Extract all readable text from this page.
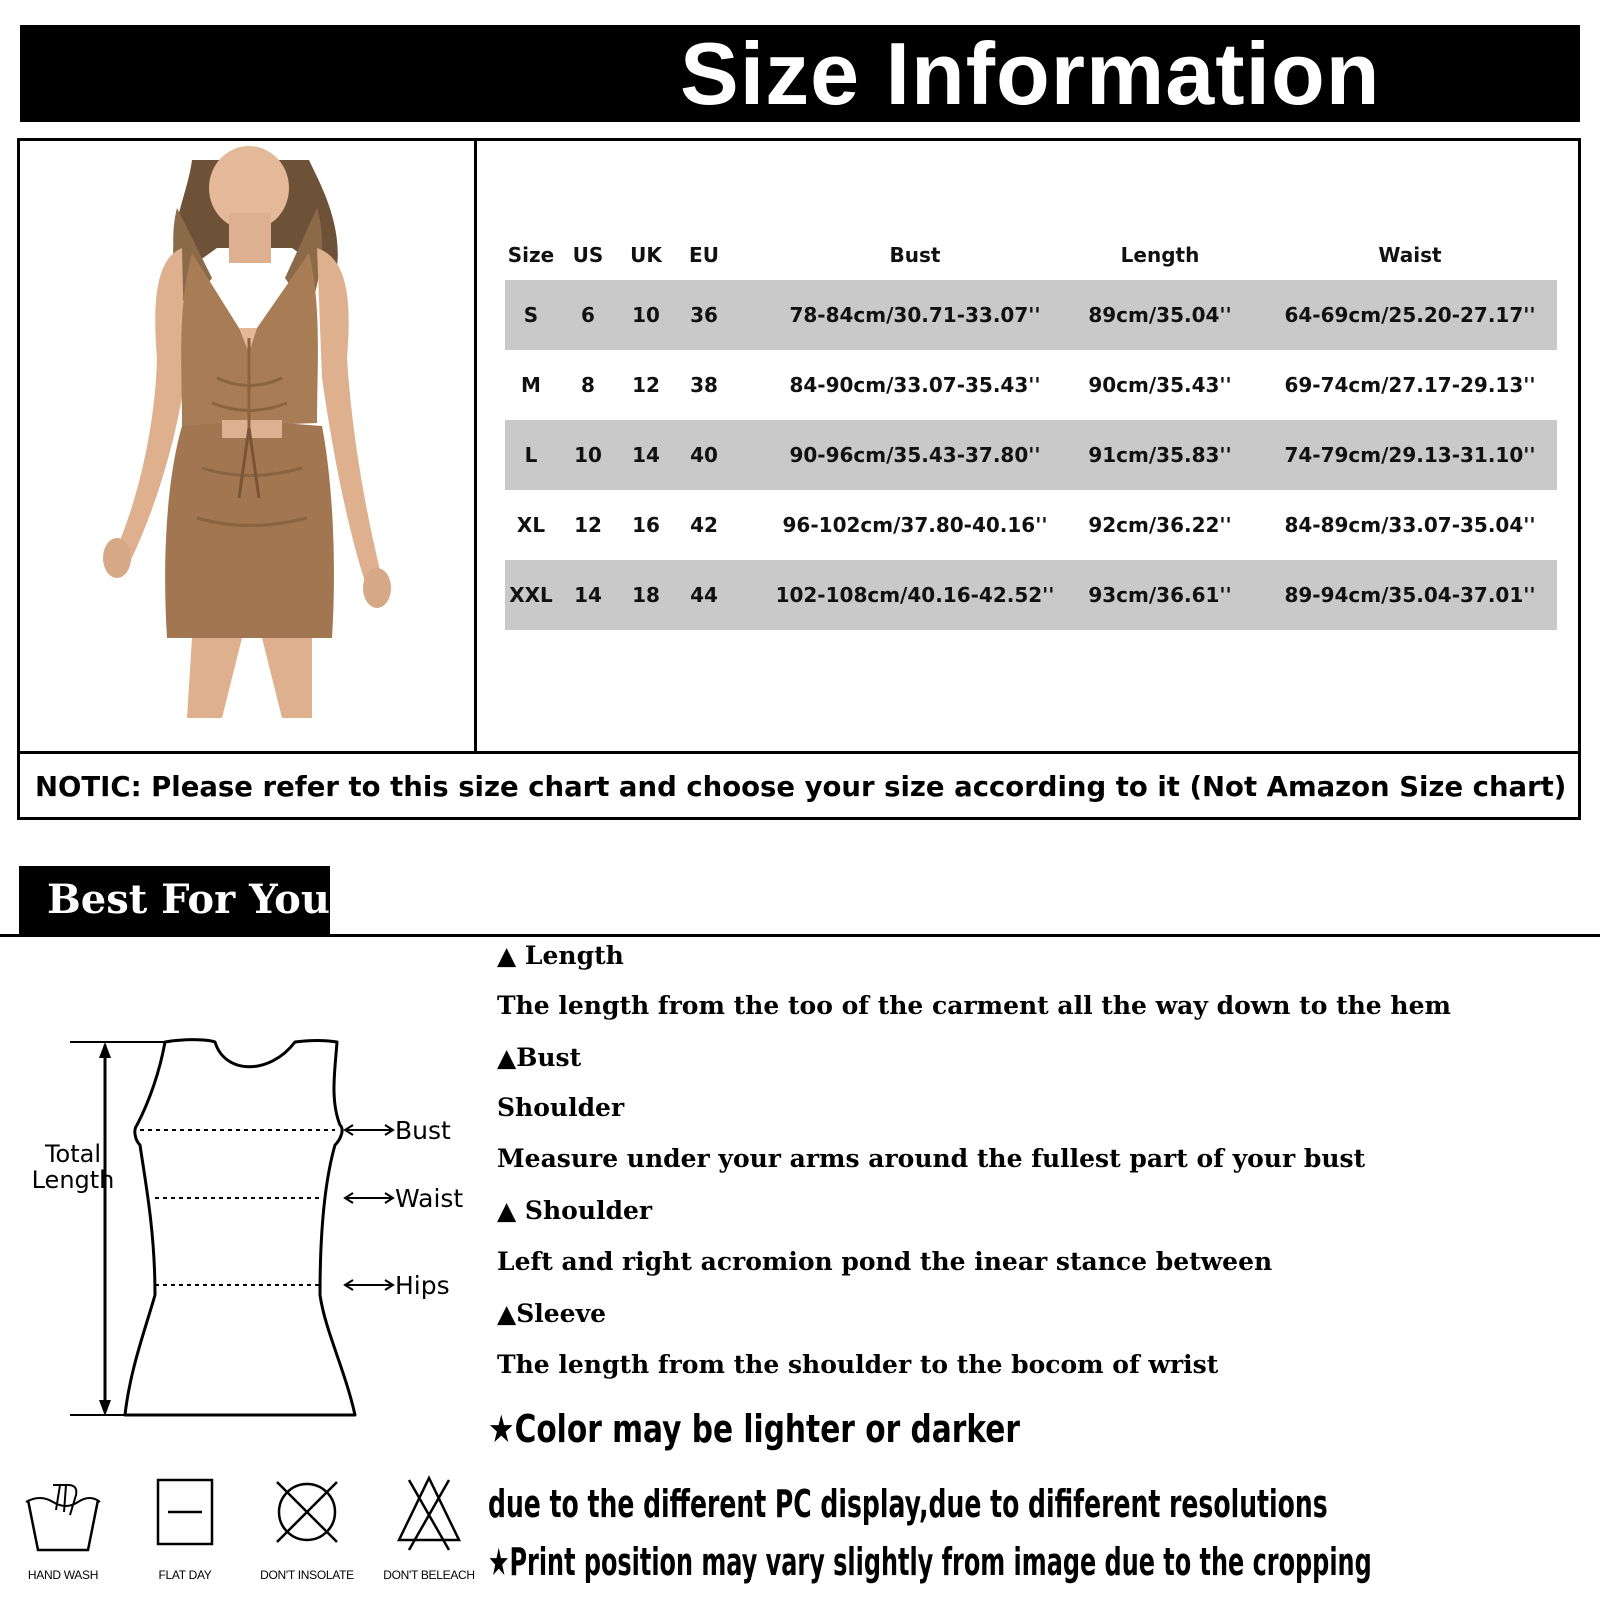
Size Information
Size US UK	EU	Bust	Length	Waist
S	6	10	36	78-84cm/30.71-33.07''	89cm/35.04''	64-69cm/25.20-27.17''
M	8	12	38	84-90cm/33.07-35.43''	90cm/35.43''	69-74cm/27.17-29.13''
L	10	14	40	90-96cm/35.43-37.80''	91cm/35.83''	74-79cm/29.13-31.10''
XL	12	16	42	96-102cm/37.80-40.16''	92cm/36.22''	84-89cm/33.07-35.04''
XXL	14	18	44	102-108cm/40.16-42.52''	93cm/36.61''	89-94cm/35.04-37.01''
NOTIC: Please refer to this size chart and choose your size according to it (Not Amazon Size chart)
Best For You
Total
Length
Bust
Waist
Hips
▲ Length
The length from the too of the carment all the way down to the hem
▲Bust
Shoulder
Measure under your arms around the fullest part of your bust
▲ Shoulder
Left and right acromion pond the inear stance between
▲Sleeve
The length from the shoulder to the bocom of wrist
★Color may be lighter or darker
due to the different PC display,due to dififerent resolutions
★Print position may vary slightly from image due to the cropping
HAND WASH	FLAT DAY	DON'T INSOLATE	DON'T BELEACH
